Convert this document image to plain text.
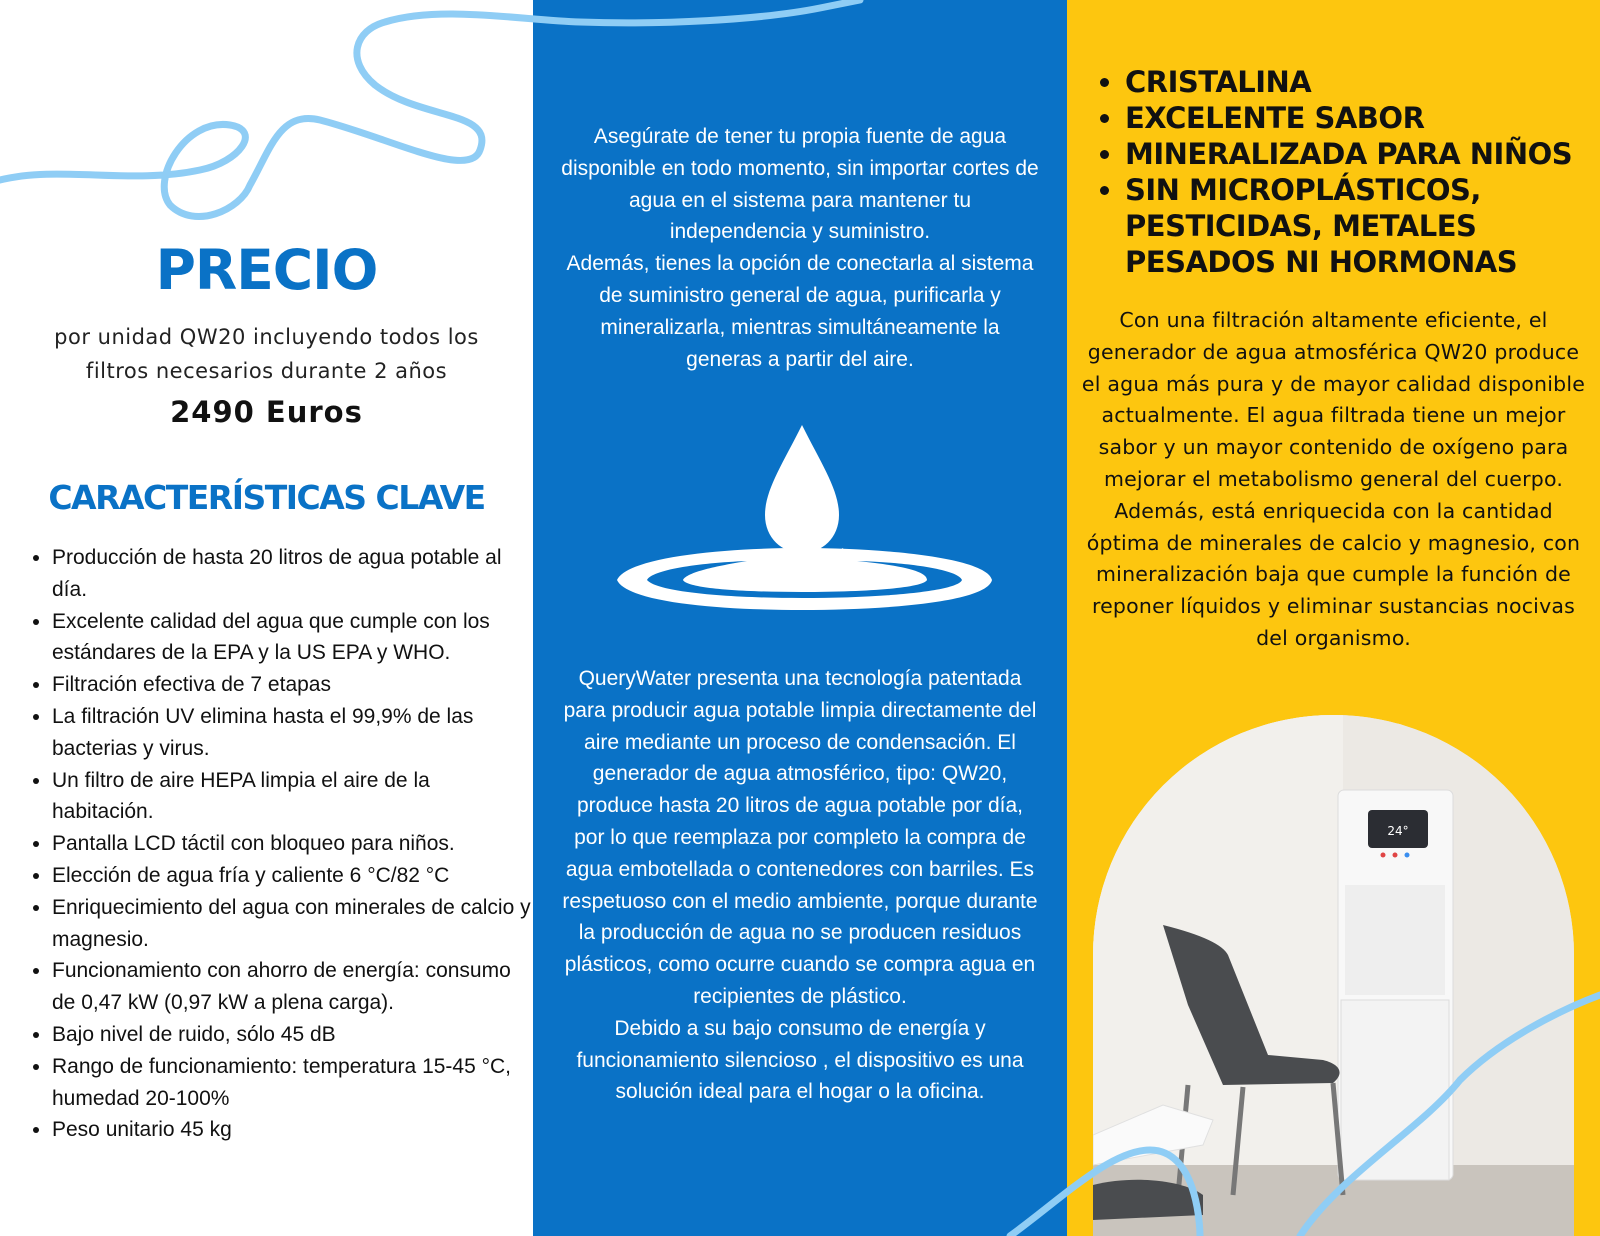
PRECIO
por unidad QW20 incluyendo todos los filtros necesarios durante 2 años
2490 Euros
CARACTERÍSTICAS CLAVE
• Producción de hasta 20 litros de agua potable al día.
• Excelente calidad del agua que cumple con los estándares de la EPA y la US EPA y WHO.
• Filtración efectiva de 7 etapas
• La filtración UV elimina hasta el 99,9% de las bacterias y virus.
• Un filtro de aire HEPA limpia el aire de la habitación.
• Pantalla LCD táctil con bloqueo para niños.
• Elección de agua fría y caliente 6 °C/82 °C
• Enriquecimiento del agua con minerales de calcio y magnesio.
• Funcionamiento con ahorro de energía: consumo de 0,47 kW (0,97 kW a plena carga).
• Bajo nivel de ruido, sólo 45 dB
• Rango de funcionamiento: temperatura 15-45 °C, humedad 20-100%
• Peso unitario 45 kg

Asegúrate de tener tu propia fuente de agua disponible en todo momento, sin importar cortes de agua en el sistema para mantener tu independencia y suministro.

Además, tienes la opción de conectarla al sistema de suministro general de agua, purificarla y mineralizarla, mientras simultáneamente la generas a partir del aire.

QueryWater presenta una tecnología patentada para producir agua potable limpia directamente del aire mediante un proceso de condensación. El generador de agua atmosférico, tipo: QW20, produce hasta 20 litros de agua potable por día, por lo que reemplaza por completo la compra de agua embotellada o contenedores con barriles. Es respetuoso con el medio ambiente, porque durante la producción de agua no se producen residuos plásticos, como ocurre cuando se compra agua en recipientes de plástico.

Debido a su bajo consumo de energía y funcionamiento silencioso , el dispositivo es una solución ideal para el hogar o la oficina.

• CRISTALINA
• EXCELENTE SABOR
• MINERALIZADA PARA NIÑOS
• SIN MICROPLÁSTICOS, PESTICIDAS, METALES PESADOS NI HORMONAS

Con una filtración altamente eficiente, el generador de agua atmosférica QW20 produce el agua más pura y de mayor calidad disponible actualmente. El agua filtrada tiene un mejor sabor y un mayor contenido de oxígeno para mejorar el metabolismo general del cuerpo. Además, está enriquecida con la cantidad óptima de minerales de calcio y magnesio, con mineralización baja que cumple la función de reponer líquidos y eliminar sustancias nocivas del organismo.

24°
